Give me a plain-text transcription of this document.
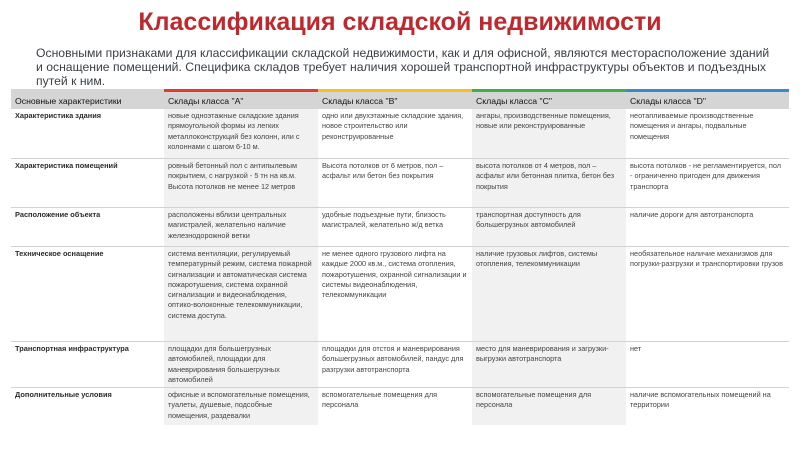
Классификация складской недвижимости

Основными признаками для классификации складской недвижимости, как и для офисной, являются месторасположение зданий и оснащение помещений. Специфика складов требует наличия хорошей транспортной инфраструктуры объектов и подъездных путей к ним.

Основные характеристики	Склады класса "A"	Склады класса "B"	Склады класса "C"	Склады класса "D"
Характеристика здания	новые одноэтажные складские здания прямоугольной формы из легких металлоконструкций без колонн, или с колоннами с шагом 6-10 м.	одно или двухэтажные складские здания, новое строительство или реконструированные	ангары, производственные помещения, новые или реконструированные	неотапливаемые производственные помещения и ангары, подвальные помещения
Характеристика помещений	ровный бетонный пол с антипылевым покрытием, с нагрузкой - 5 тн на кв.м. Высота потолков не менее 12 метров	Высота потолков от 6 метров, пол – асфальт или бетон без покрытия	высота потолков от 4 метров, пол – асфальт или бетонная плитка, бетон без покрытия	высота потолков - не регламентируется, пол - ограниченно пригоден для движения транспорта
Расположение объекта	расположены вблизи центральных магистралей, желательно наличие железнодорожной ветки	удобные подъездные пути, близость магистралей, желательно ж/д ветка	транспортная доступность для большегрузных автомобилей	наличие дороги для автотранспорта
Техническое оснащение	система вентиляции, регулируемый температурный режим, система пожарной сигнализации и автоматическая система пожаротушения, система охранной сигнализации и видеонаблюдения, оптико-волоконные телекоммуникации, система доступа.	не менее одного грузового лифта на каждые 2000 кв.м., система отопления, пожаротушения, охранной сигнализации и системы видеонаблюдения, телекоммуникации	наличие грузовых лифтов, системы отопления, телекоммуникации	необязательное наличие механизмов для погрузки-разгрузки и транспортировки грузов
Транспортная инфраструктура	площадки для большегрузных автомобилей, площадки для маневрирования большегрузных автомобилей	площадки для отстоя и маневрирования большегрузных автомобилей, пандус для разгрузки автотранспорта	место для маневрирования и загрузки-выгрузки автотранспорта	нет
Дополнительные условия	офисные и вспомогательные помещения, туалеты, душевые, подсобные помещения, раздевалки	вспомогательные помещения для персонала	вспомогательные помещения для персонала	наличие вспомогательных помещений на территории
